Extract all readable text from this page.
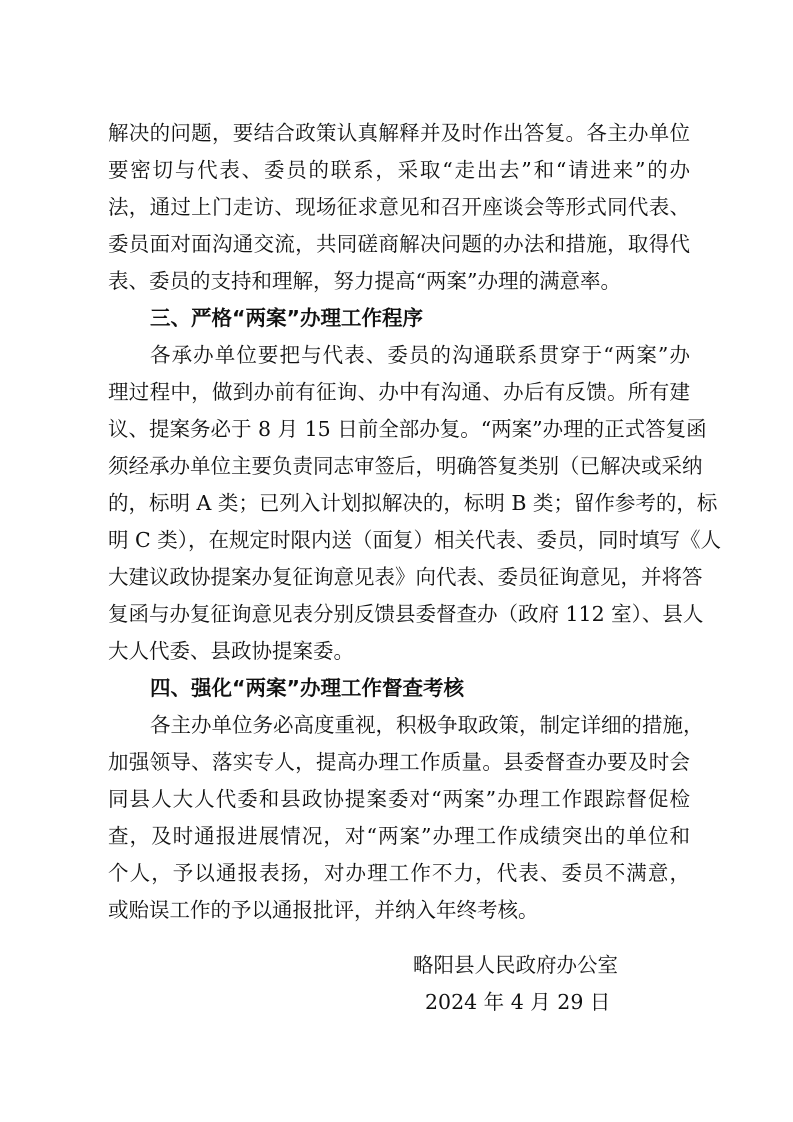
解决的问题，要结合政策认真解释并及时作出答复。各主办单位
要密切与代表、委员的联系，采取“走出去”和“请进来”的办
法，通过上门走访、现场征求意见和召开座谈会等形式同代表、
委员面对面沟通交流，共同磋商解决问题的办法和措施，取得代
表、委员的支持和理解，努力提高“两案”办理的满意率。
三、严格“两案”办理工作程序
各承办单位要把与代表、委员的沟通联系贯穿于“两案”办
理过程中，做到办前有征询、办中有沟通、办后有反馈。所有建
议、提案务必于 8 月 15 日前全部办复。“两案”办理的正式答复函
须经承办单位主要负责同志审签后，明确答复类别（已解决或采纳
的，标明 A 类；已列入计划拟解决的，标明 B 类；留作参考的，标
明 C 类），在规定时限内送（面复）相关代表、委员，同时填写《人
大建议政协提案办复征询意见表》向代表、委员征询意见，并将答
复函与办复征询意见表分别反馈县委督查办（政府 112 室）、县人
大人代委、县政协提案委。
四、强化“两案”办理工作督查考核
各主办单位务必高度重视，积极争取政策，制定详细的措施，
加强领导、落实专人，提高办理工作质量。县委督查办要及时会
同县人大人代委和县政协提案委对“两案”办理工作跟踪督促检
查，及时通报进展情况，对“两案”办理工作成绩突出的单位和
个人，予以通报表扬，对办理工作不力，代表、委员不满意，
或贻误工作的予以通报批评，并纳入年终考核。
略阳县人民政府办公室
2024 年 4 月 29 日
